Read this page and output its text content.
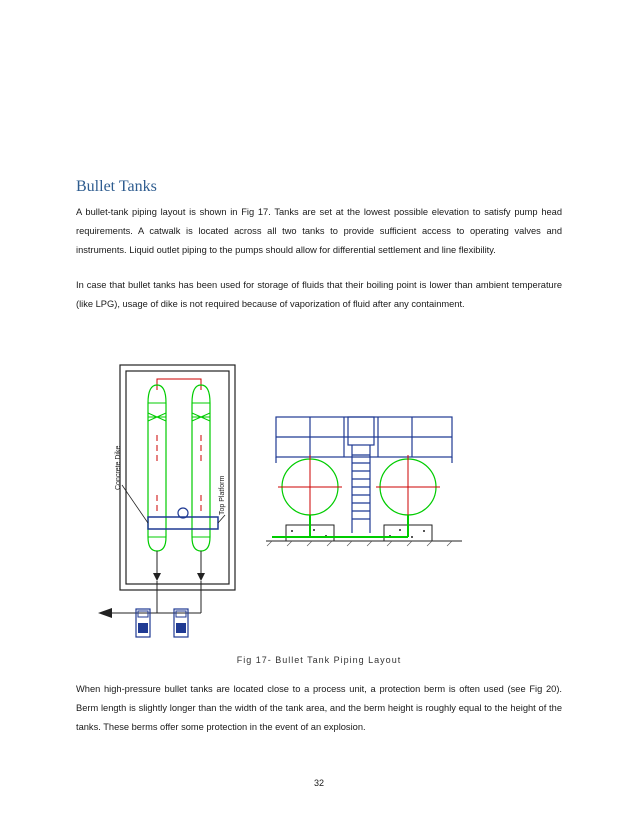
Bullet Tanks

A bullet-tank piping layout is shown in Fig 17. Tanks are set at the lowest possible elevation to satisfy pump head requirements. A catwalk is located across all two tanks to provide sufficient access to operating valves and instruments. Liquid outlet piping to the pumps should allow for differential settlement and line flexibility.

In case that bullet tanks has been used for storage of fluids that their boiling point is lower than ambient temperature (like LPG), usage of dike is not required because of vaporization of fluid after any containment.

Concrete Dike
Top Platform
Fig 17- Bullet Tank Piping Layout

When high-pressure bullet tanks are located close to a process unit, a protection berm is often used (see Fig 20). Berm length is slightly longer than the width of the tank area, and the berm height is roughly equal to the height of the tanks. These berms offer some protection in the event of an explosion.

32
